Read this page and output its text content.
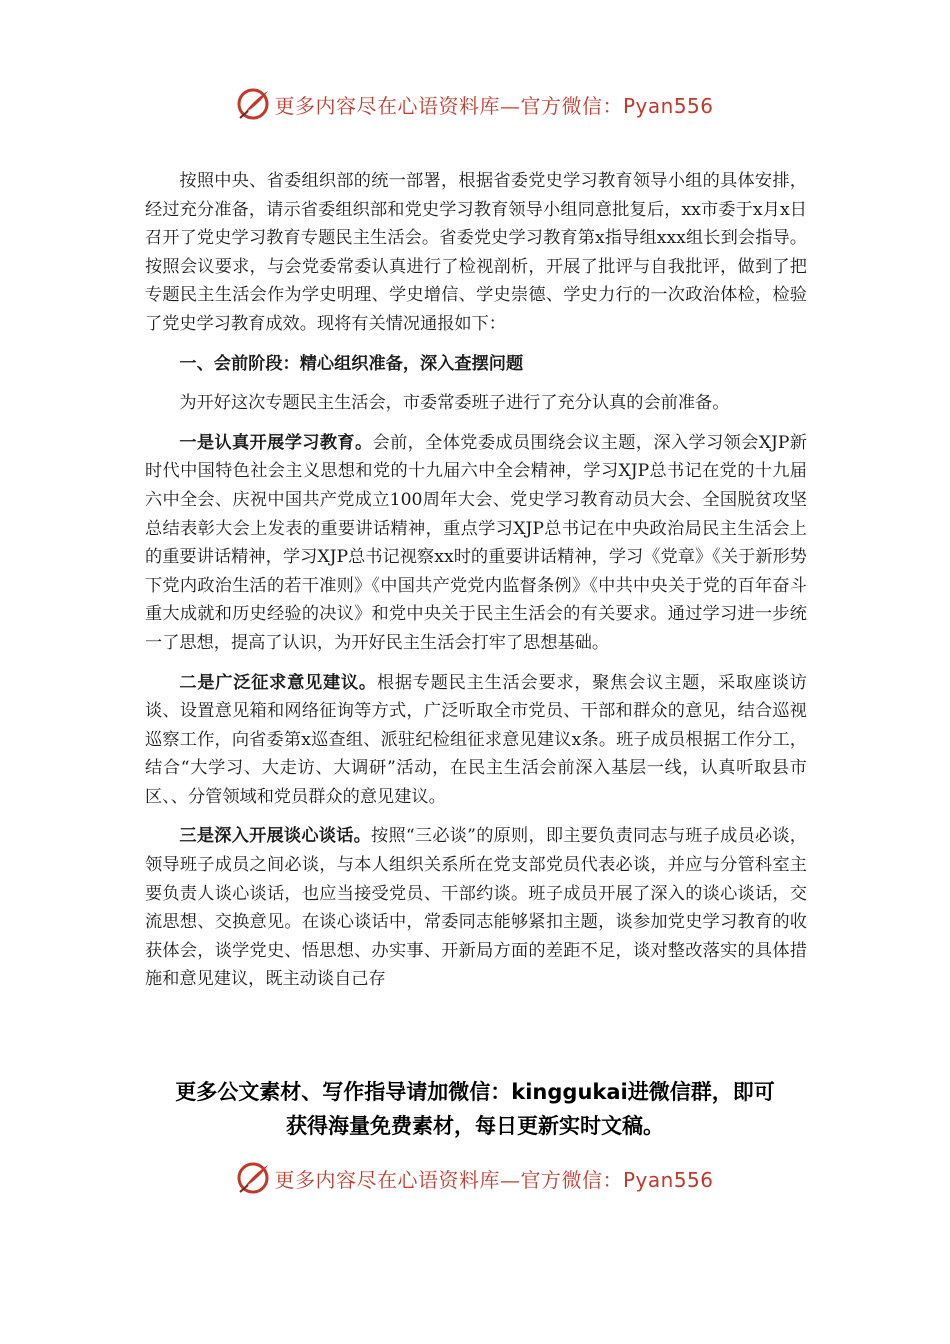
更多内容尽在心语资料库—官方微信：Pyan556

按照中央、省委组织部的统一部署，根据省委党史学习教育领导小组的具体安排，经过充分准备，请示省委组织部和党史学习教育领导小组同意批复后，xx市委于x月x日召开了党史学习教育专题民主生活会。省委党史学习教育第x指导组xxx组长到会指导。按照会议要求，与会党委常委认真进行了检视剖析，开展了批评与自我批评，做到了把专题民主生活会作为学史明理、学史增信、学史崇德、学史力行的一次政治体检，检验了党史学习教育成效。现将有关情况通报如下：

一、会前阶段：精心组织准备，深入查摆问题

为开好这次专题民主生活会，市委常委班子进行了充分认真的会前准备。

一是认真开展学习教育。会前，全体党委成员围绕会议主题，深入学习领会XJP新时代中国特色社会主义思想和党的十九届六中全会精神，学习XJP总书记在党的十九届六中全会、庆祝中国共产党成立100周年大会、党史学习教育动员大会、全国脱贫攻坚总结表彰大会上发表的重要讲话精神，重点学习XJP总书记在中央政治局民主生活会上的重要讲话精神，学习XJP总书记视察xx时的重要讲话精神，学习《党章》《关于新形势下党内政治生活的若干准则》《中国共产党党内监督条例》《中共中央关于党的百年奋斗重大成就和历史经验的决议》和党中央关于民主生活会的有关要求。通过学习进一步统一了思想，提高了认识，为开好民主生活会打牢了思想基础。

二是广泛征求意见建议。根据专题民主生活会要求，聚焦会议主题，采取座谈访谈、设置意见箱和网络征询等方式，广泛听取全市党员、干部和群众的意见，结合巡视巡察工作，向省委第x巡查组、派驻纪检组征求意见建议x条。班子成员根据工作分工，结合“大学习、大走访、大调研”活动，在民主生活会前深入基层一线，认真听取县市区、、分管领域和党员群众的意见建议。

三是深入开展谈心谈话。按照“三必谈”的原则，即主要负责同志与班子成员必谈，领导班子成员之间必谈，与本人组织关系所在党支部党员代表必谈，并应与分管科室主要负责人谈心谈话，也应当接受党员、干部约谈。班子成员开展了深入的谈心谈话，交流思想、交换意见。在谈心谈话中，常委同志能够紧扣主题，谈参加党史学习教育的收获体会，谈学党史、悟思想、办实事、开新局方面的差距不足，谈对整改落实的具体措施和意见建议，既主动谈自己存

更多公文素材、写作指导请加微信：kinggukai进微信群，即可
获得海量免费素材，每日更新实时文稿。
更多内容尽在心语资料库—官方微信：Pyan556
